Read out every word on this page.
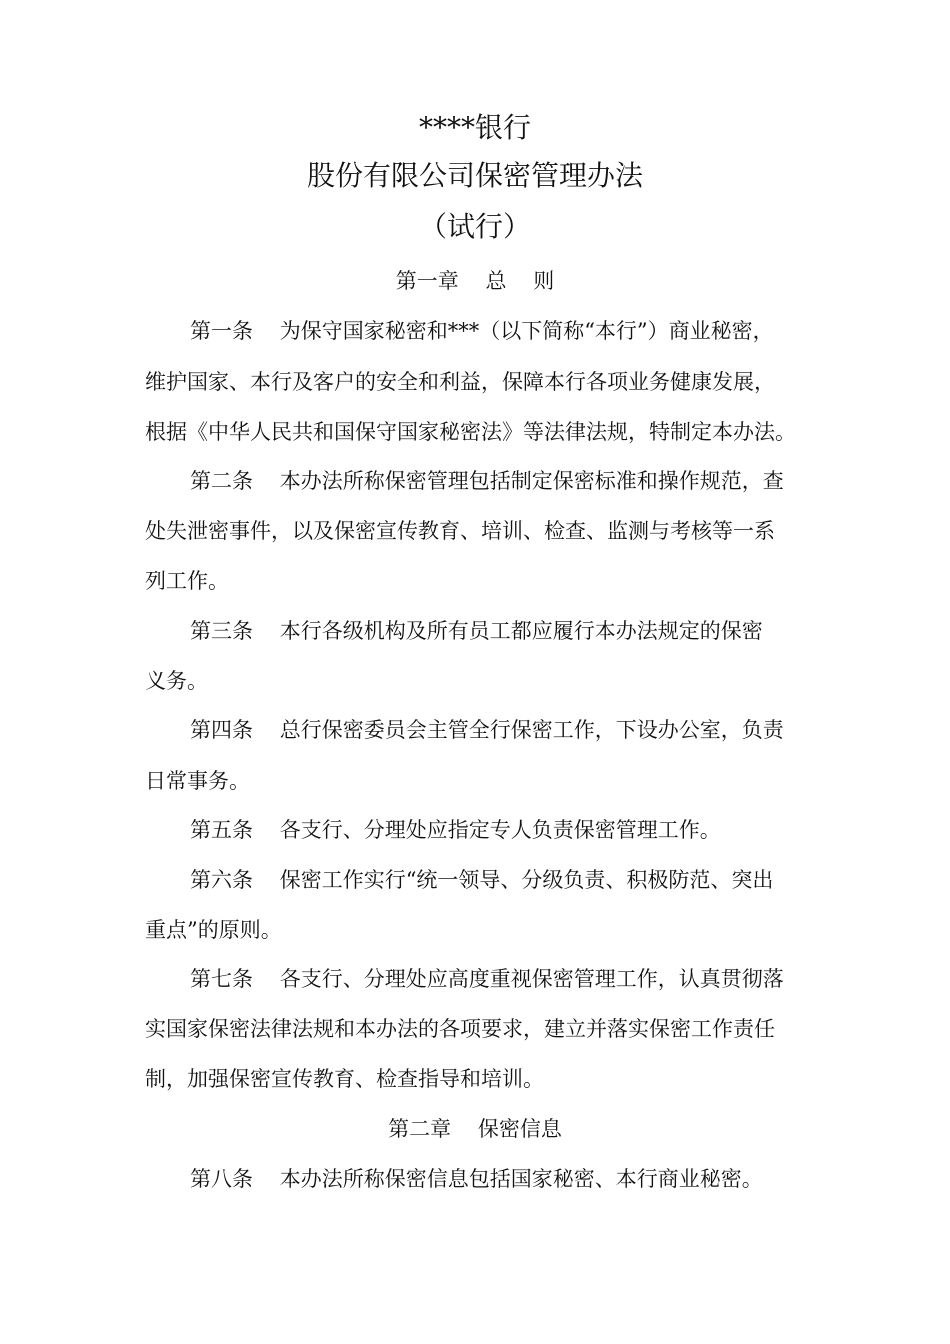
****银行
股份有限公司保密管理办法
（试行）
第一章    总    则
第一条    为保守国家秘密和***（以下简称“本行”）商业秘密，
维护国家、本行及客户的安全和利益，保障本行各项业务健康发展，
根据《中华人民共和国保守国家秘密法》等法律法规，特制定本办法。
第二条    本办法所称保密管理包括制定保密标准和操作规范，查
处失泄密事件，以及保密宣传教育、培训、检查、监测与考核等一系
列工作。
第三条    本行各级机构及所有员工都应履行本办法规定的保密
义务。
第四条    总行保密委员会主管全行保密工作，下设办公室，负责
日常事务。
第五条    各支行、分理处应指定专人负责保密管理工作。
第六条    保密工作实行“统一领导、分级负责、积极防范、突出
重点”的原则。
第七条    各支行、分理处应高度重视保密管理工作，认真贯彻落
实国家保密法律法规和本办法的各项要求，建立并落实保密工作责任
制，加强保密宣传教育、检查指导和培训。
第二章    保密信息
第八条    本办法所称保密信息包括国家秘密、本行商业秘密。
